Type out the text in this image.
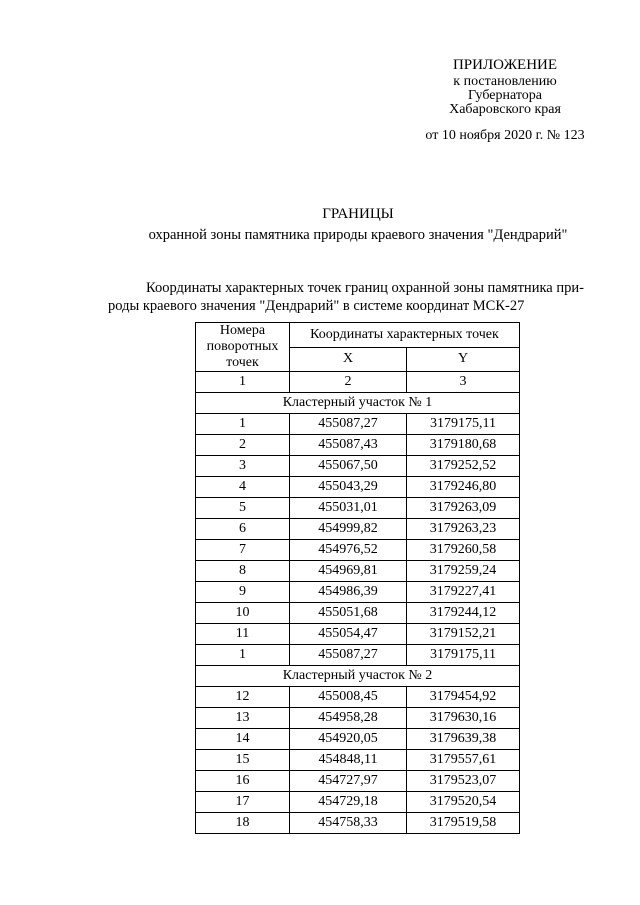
ПРИЛОЖЕНИЕ
к постановлению
Губернатора
Хабаровского края
от 10 ноября 2020 г. № 123
ГРАНИЦЫ
охранной зоны памятника природы краевого значения "Дендрарий"
Координаты характерных точек границ охранной зоны памятника при-
роды краевого значения "Дендрарий" в системе координат МСК-27
Номера поворотных точек	Координаты характерных точек	
	X	Y
1	2	3
Кластерный участок № 1		
1	455087,27	3179175,11
2	455087,43	3179180,68
3	455067,50	3179252,52
4	455043,29	3179246,80
5	455031,01	3179263,09
6	454999,82	3179263,23
7	454976,52	3179260,58
8	454969,81	3179259,24
9	454986,39	3179227,41
10	455051,68	3179244,12
11	455054,47	3179152,21
1	455087,27	3179175,11
Кластерный участок № 2		
12	455008,45	3179454,92
13	454958,28	3179630,16
14	454920,05	3179639,38
15	454848,11	3179557,61
16	454727,97	3179523,07
17	454729,18	3179520,54
18	454758,33	3179519,58
